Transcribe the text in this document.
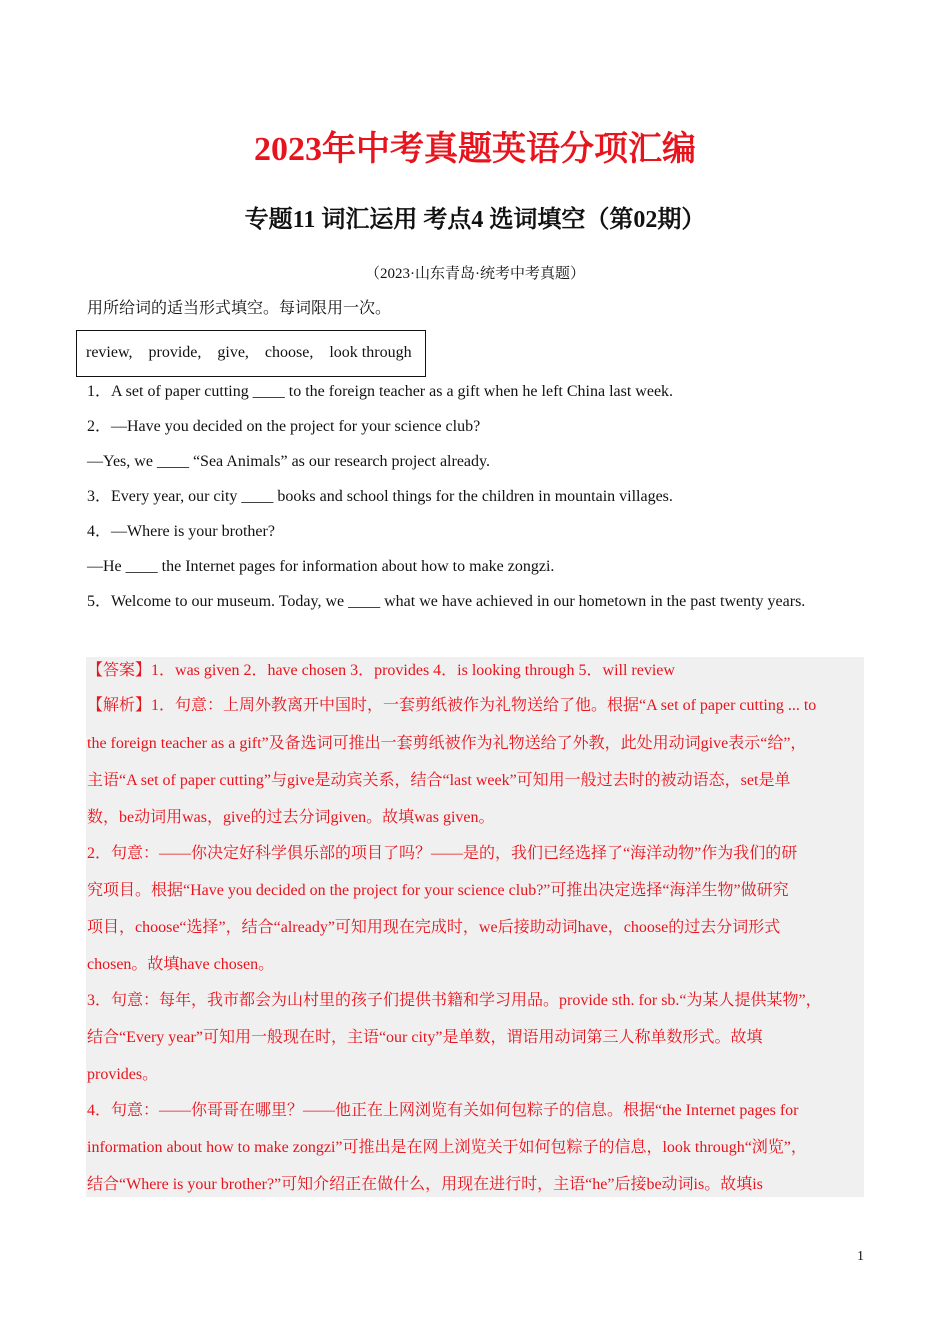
2023年中考真题英语分项汇编
专题11 词汇运用 考点4 选词填空（第02期）
（2023·山东青岛·统考中考真题）
用所给词的适当形式填空。每词限用一次。
review, provide, give, choose, look through
1．A set of paper cutting ____ to the foreign teacher as a gift when he left China last week.
2．—Have you decided on the project for your science club?
—Yes, we ____ “Sea Animals” as our research project already.
3．Every year, our city ____ books and school things for the children in mountain villages.
4．—Where is your brother?
—He ____ the Internet pages for information about how to make zongzi.
5．Welcome to our museum. Today, we ____ what we have achieved in our hometown in the past twenty years.
【答案】1．was given 2．have chosen 3．provides 4．is looking through 5．will review
【解析】1．句意：上周外教离开中国时，一套剪纸被作为礼物送给了他。根据“A set of paper cutting ... to
the foreign teacher as a gift”及备选词可推出一套剪纸被作为礼物送给了外教，此处用动词give表示“给”，
主语“A set of paper cutting”与give是动宾关系，结合“last week”可知用一般过去时的被动语态，set是单
数，be动词用was，give的过去分词given。故填was given。
2．句意：——你决定好科学俱乐部的项目了吗？——是的，我们已经选择了“海洋动物”作为我们的研
究项目。根据“Have you decided on the project for your science club?”可推出决定选择“海洋生物”做研究
项目，choose“选择”，结合“already”可知用现在完成时，we后接助动词have，choose的过去分词形式
chosen。故填have chosen。
3．句意：每年，我市都会为山村里的孩子们提供书籍和学习用品。provide sth. for sb.“为某人提供某物”，
结合“Every year”可知用一般现在时，主语“our city”是单数，谓语用动词第三人称单数形式。故填
provides。
4．句意：——你哥哥在哪里？——他正在上网浏览有关如何包粽子的信息。根据“the Internet pages for
information about how to make zongzi”可推出是在网上浏览关于如何包粽子的信息，look through“浏览”，
结合“Where is your brother?”可知介绍正在做什么，用现在进行时，主语“he”后接be动词is。故填is
1
